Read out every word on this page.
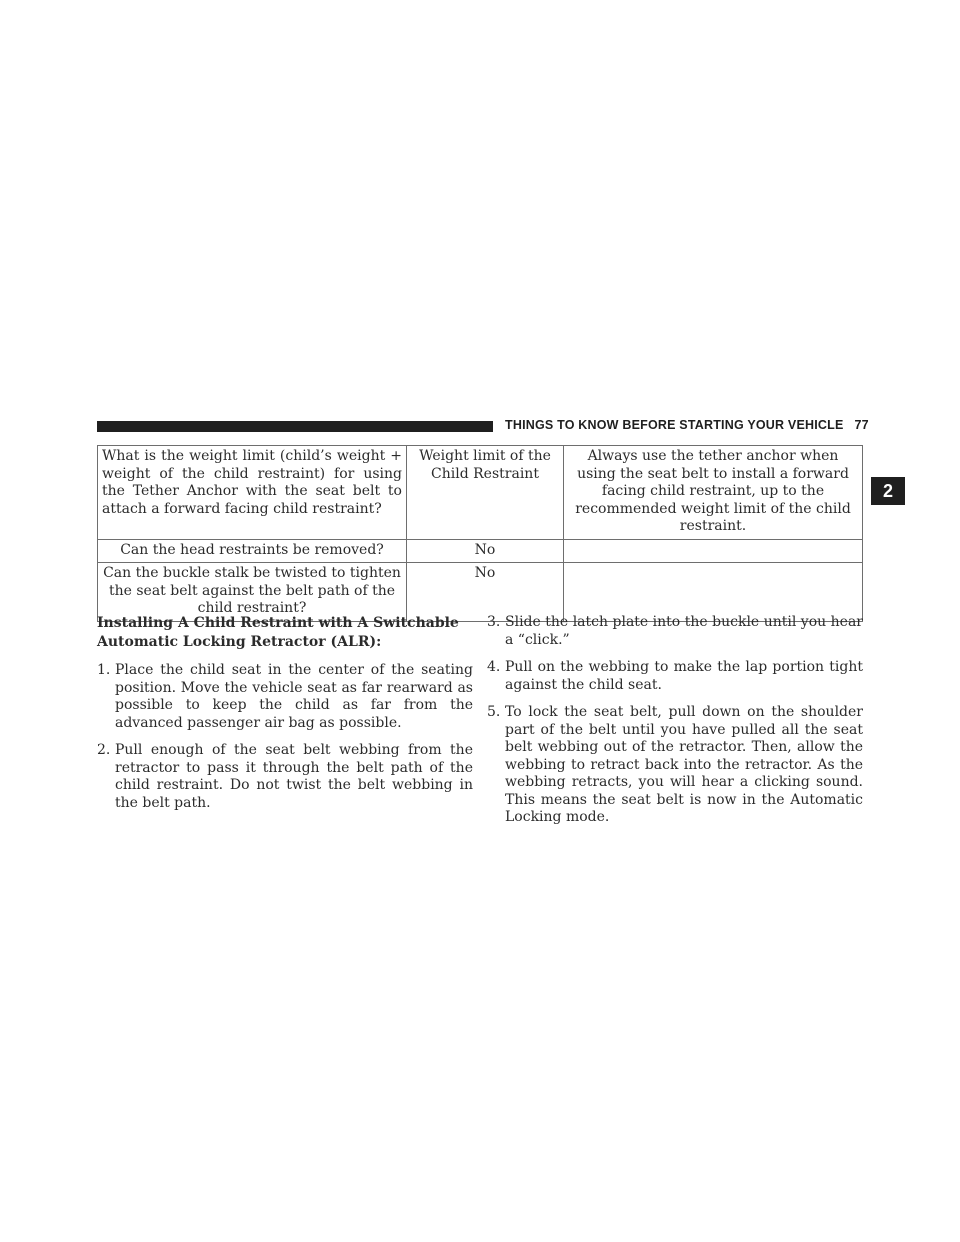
THINGS TO KNOW BEFORE STARTING YOUR VEHICLE 77
2
What is the weight limit (child’s weight + weight of the child restraint) for using the Tether Anchor with the seat belt to attach a forward facing child restraint?	Weight limit of the Child Restraint	Always use the tether anchor when using the seat belt to install a forward facing child restraint, up to the recommended weight limit of the child restraint.
Can the head restraints be removed?	No	
Can the buckle stalk be twisted to tighten the seat belt against the belt path of the child restraint?	No	
Installing A Child Restraint with A Switchable Automatic Locking Retractor (ALR):
1. Place the child seat in the center of the seating position. Move the vehicle seat as far rearward as possible to keep the child as far from the advanced passenger air bag as possible.
2. Pull enough of the seat belt webbing from the retractor to pass it through the belt path of the child restraint. Do not twist the belt webbing in the belt path.
3. Slide the latch plate into the buckle until you hear a “click.”
4. Pull on the webbing to make the lap portion tight against the child seat.
5. To lock the seat belt, pull down on the shoulder part of the belt until you have pulled all the seat belt webbing out of the retractor. Then, allow the webbing to retract back into the retractor. As the webbing retracts, you will hear a clicking sound. This means the seat belt is now in the Automatic Locking mode.
